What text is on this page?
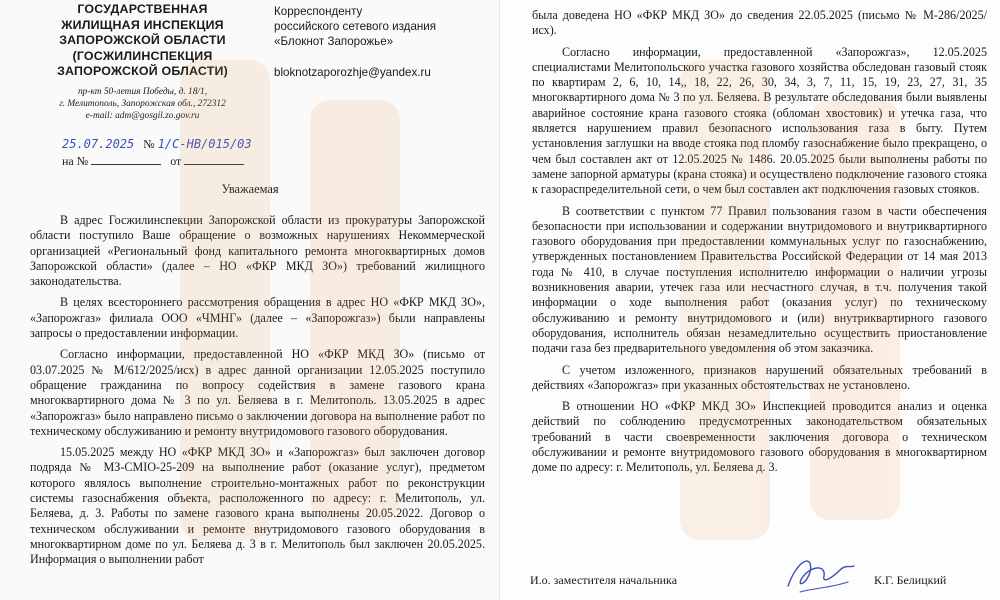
ГОСУДАРСТВЕННАЯ
ЖИЛИЩНАЯ ИНСПЕКЦИЯ
ЗАПОРОЖСКОЙ ОБЛАСТИ
(ГОСЖИЛИНСПЕКЦИЯ
ЗАПОРОЖСКОЙ ОБЛАСТИ)
пр-кт 50-летия Победы, д. 18/1,
г. Мелитополь, Запорожская обл., 272312
e-mail: adm@gosgil.zo.gov.ru
Корреспонденту
российского сетевого издания
«Блокнот Запорожье»
bloknotzaporozhje@yandex.ru
25.07.2025 № 1/С-НВ/015/03
на №	от
Уважаемая

В адрес Госжилинспекции Запорожской области из прокуратуры Запорожской области поступило Ваше обращение о возможных нарушениях Некоммерческой организацией «Региональный фонд капитального ремонта многоквартирных домов Запорожской области» (далее – НО «ФКР МКД ЗО») требований жилищного законодательства.

В целях всестороннего рассмотрения обращения в адрес НО «ФКР МКД ЗО», «Запорожгаз» филиала ООО «ЧМНГ» (далее – «Запорожгаз») были направлены запросы о предоставлении информации.

Согласно информации, предоставленной НО «ФКР МКД ЗО» (письмо от 03.07.2025 № М/612/2025/исх) в адрес данной организации 12.05.2025 поступило обращение гражданина по вопросу содействия в замене газового крана многоквартирного дома № 3 по ул. Беляева в г. Мелитополь. 13.05.2025 в адрес «Запорожгаз» было направлено письмо о заключении договора на выполнение работ по техническому обслуживанию и ремонту внутридомового газового оборудования.

15.05.2025 между НО «ФКР МКД ЗО» и «Запорожгаз» был заключен договор подряда № МЗ-СМІО-25-209 на выполнение работ (оказание услуг), предметом которого являлось выполнение строительно-монтажных работ по реконструкции системы газоснабжения объекта, расположенного по адресу: г. Мелитополь, ул. Беляева, д. 3. Работы по замене газового крана выполнены 20.05.2022. Договор о техническом обслуживании и ремонте внутридомового газового оборудования в многоквартирном доме по ул. Беляева д. 3 в г. Мелитополь был заключен 20.05.2025. Информация о выполнении работ

была доведена НО «ФКР МКД ЗО» до сведения 22.05.2025 (письмо № М-286/2025/исх).

Согласно информации, предоставленной «Запорожгаз», 12.05.2025 специалистами Мелитопольского участка газового хозяйства обследован газовый стояк по квартирам 2, 6, 10, 14,, 18, 22, 26, 30, 34, 3, 7, 11, 15, 19, 23, 27, 31, 35 многоквартирного дома № 3 по ул. Беляева. В результате обследования были выявлены аварийное состояние крана газового стояка (обломан хвостовик) и утечка газа, что является нарушением правил безопасного использования газа в быту. Путем установления заглушки на вводе стояка под пломбу газоснабжение было прекращено, о чем был составлен акт от 12.05.2025 № 1486. 20.05.2025 были выполнены работы по замене запорной арматуры (крана стояка) и осуществлено подключение газового стояка к газораспределительной сети, о чем был составлен акт подключения газовых стояков.

В соответствии с пунктом 77 Правил пользования газом в части обеспечения безопасности при использовании и содержании внутридомового и внутриквартирного газового оборудования при предоставлении коммунальных услуг по газоснабжению, утвержденных постановлением Правительства Российской Федерации от 14 мая 2013 года № 410, в случае поступления исполнителю информации о наличии угрозы возникновения аварии, утечек газа или несчастного случая, в т.ч. получения такой информации о ходе выполнения работ (оказания услуг) по техническому обслуживанию и ремонту внутридомового и (или) внутриквартирного газового оборудования, исполнитель обязан незамедлительно осуществить приостановление подачи газа без предварительного уведомления об этом заказчика.

С учетом изложенного, признаков нарушений обязательных требований в действиях «Запорожгаз» при указанных обстоятельствах не установлено.

В отношении НО «ФКР МКД ЗО» Инспекцией проводится анализ и оценка действий по соблюдению предусмотренных законодательством обязательных требований в части своевременности заключения договора о техническом обслуживании и ремонте внутридомового газового оборудования в многоквартирном доме по адресу: г. Мелитополь, ул. Беляева д. 3.

И.о. заместителя начальника	К.Г. Белицкий
